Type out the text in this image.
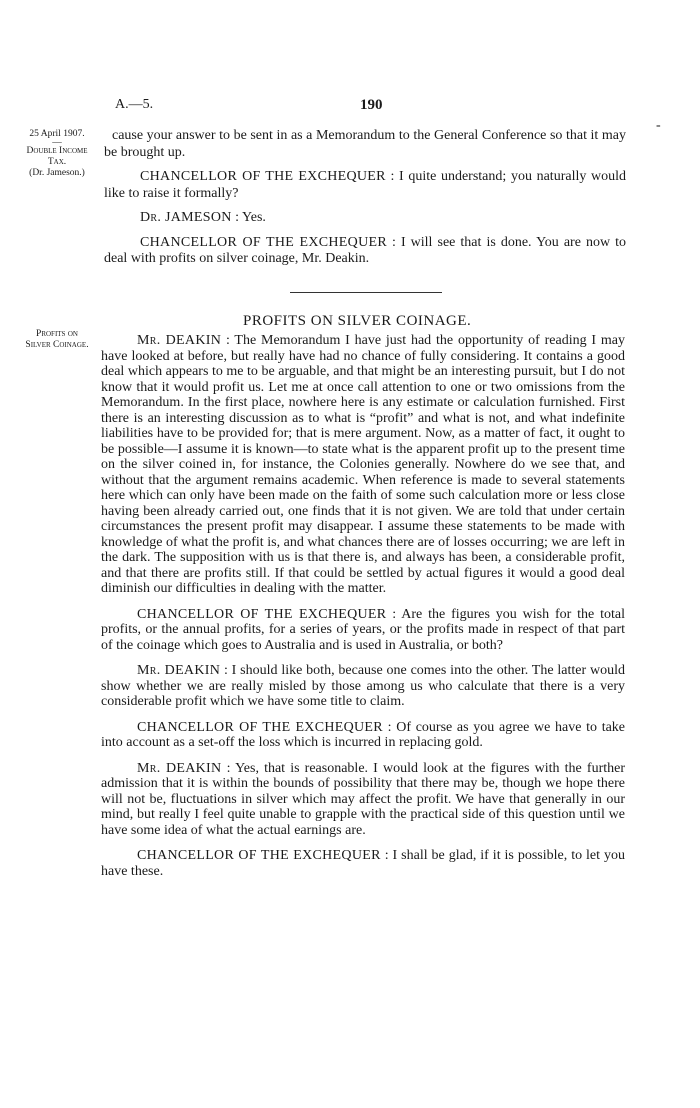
A.—5.	190
-
25 April 1907.

—
Double Income
Tax.
(Dr. Jameson.)

cause your answer to be sent in as a Memorandum to the General Conference so that it may be brought up.

CHANCELLOR OF THE EXCHEQUER : I quite understand; you naturally would like to raise it formally?

Dr. JAMESON : Yes.

CHANCELLOR OF THE EXCHEQUER : I will see that is done. You are now to deal with profits on silver coinage, Mr. Deakin.

PROFITS ON SILVER COINAGE.
Profits on
Silver Coinage.	Mr. DEAKIN : The Memorandum I have just had the opportunity of reading I may have looked at before, but really have had no chance of fully considering. It contains a good deal which appears to me to be arguable, and that might be an interesting pursuit, but I do not know that it would profit us. Let me at once call attention to one or two omissions from the Memorandum. In the first place, nowhere here is any estimate or calculation furnished. First there is an interesting discussion as to what is “profit” and what is not, and what indefinite liabilities have to be provided for; that is mere argument. Now, as a matter of fact, it ought to be possible—I assume it is known—to state what is the apparent profit up to the present time on the silver coined in, for instance, the Colonies generally. Nowhere do we see that, and without that the argument remains academic. When reference is made to several statements here which can only have been made on the faith of some such calculation more or less close having been already carried out, one finds that it is not given. We are told that under certain circumstances the present profit may disappear. I assume these statements to be made with knowledge of what the profit is, and what chances there are of losses occurring; we are left in the dark. The supposition with us is that there is, and always has been, a considerable profit, and that there are profits still. If that could be settled by actual figures it would a good deal diminish our difficulties in dealing with the matter.

CHANCELLOR OF THE EXCHEQUER : Are the figures you wish for the total profits, or the annual profits, for a series of years, or the profits made in respect of that part of the coinage which goes to Australia and is used in Australia, or both?

Mr. DEAKIN : I should like both, because one comes into the other. The latter would show whether we are really misled by those among us who calculate that there is a very considerable profit which we have some title to claim.

CHANCELLOR OF THE EXCHEQUER : Of course as you agree we have to take into account as a set-off the loss which is incurred in replacing gold.

Mr. DEAKIN : Yes, that is reasonable. I would look at the figures with the further admission that it is within the bounds of possibility that there may be, though we hope there will not be, fluctuations in silver which may affect the profit. We have that generally in our mind, but really I feel quite unable to grapple with the practical side of this question until we have some idea of what the actual earnings are.

CHANCELLOR OF THE EXCHEQUER : I shall be glad, if it is possible, to let you have these.
